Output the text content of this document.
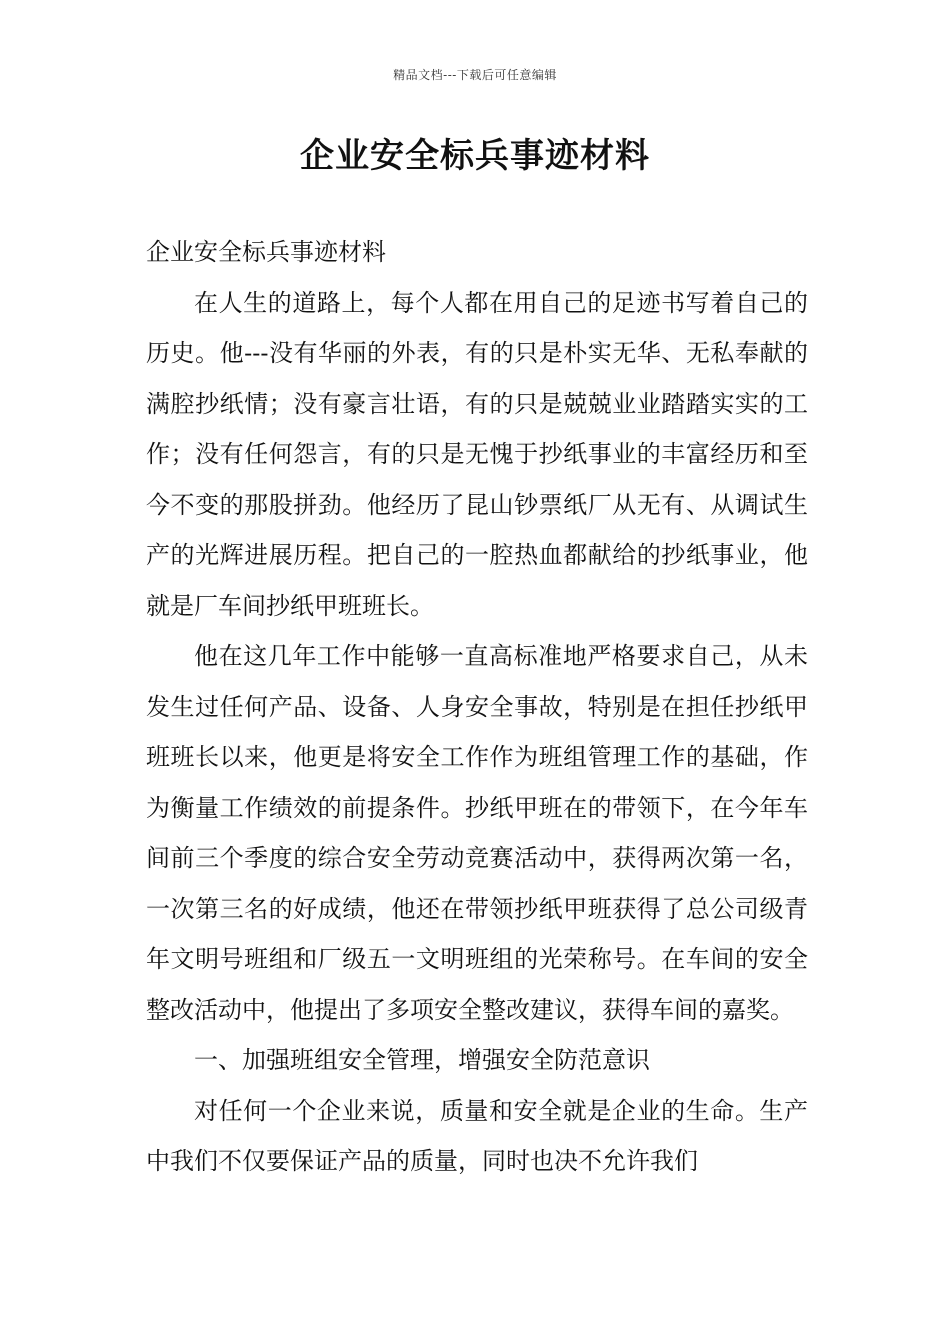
精品文档---下载后可任意编辑
企业安全标兵事迹材料

企业安全标兵事迹材料

在人生的道路上，每个人都在用自己的足迹书写着自己的历史。他---没有华丽的外表，有的只是朴实无华、无私奉献的满腔抄纸情；没有豪言壮语，有的只是兢兢业业踏踏实实的工作；没有任何怨言，有的只是无愧于抄纸事业的丰富经历和至今不变的那股拼劲。他经历了昆山钞票纸厂从无有、从调试生产的光辉进展历程。把自己的一腔热血都献给的抄纸事业，他就是厂车间抄纸甲班班长。

他在这几年工作中能够一直高标准地严格要求自己，从未发生过任何产品、设备、人身安全事故，特别是在担任抄纸甲班班长以来，他更是将安全工作作为班组管理工作的基础，作为衡量工作绩效的前提条件。抄纸甲班在的带领下，在今年车间前三个季度的综合安全劳动竞赛活动中，获得两次第一名，一次第三名的好成绩，他还在带领抄纸甲班获得了总公司级青年文明号班组和厂级五一文明班组的光荣称号。在车间的安全整改活动中，他提出了多项安全整改建议，获得车间的嘉奖。

一、加强班组安全管理，增强安全防范意识

对任何一个企业来说，质量和安全就是企业的生命。生产中我们不仅要保证产品的质量，同时也决不允许我们
